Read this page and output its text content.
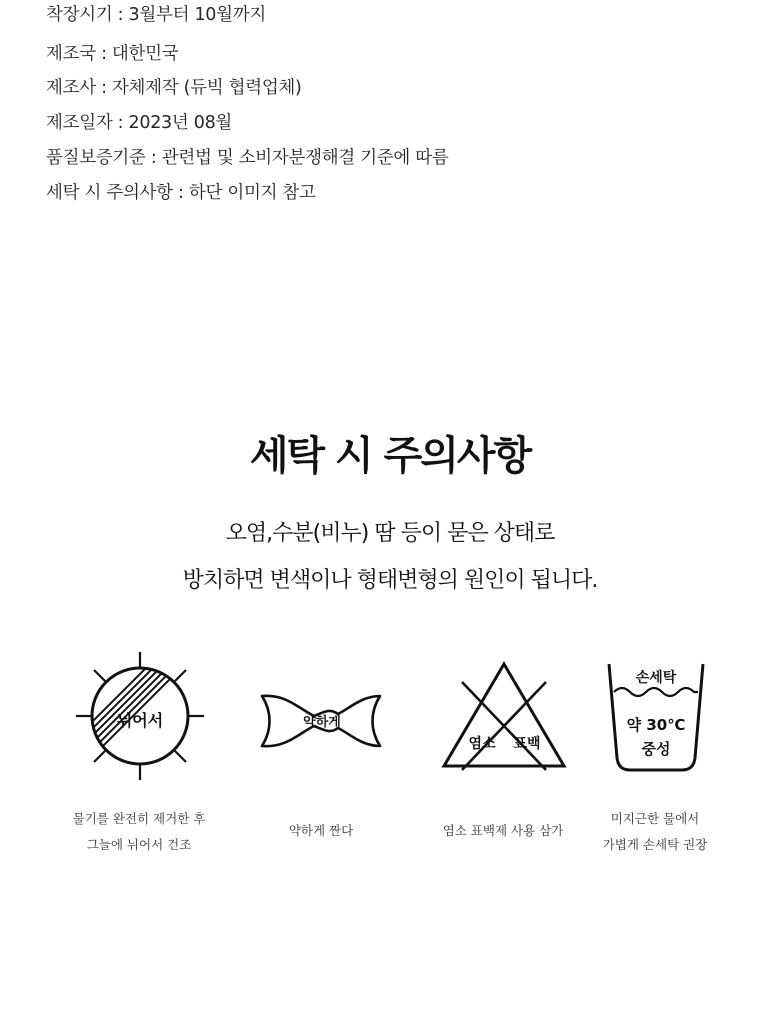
착장시기 : 3월부터 10월까지
제조국 : 대한민국
제조사 : 자체제작 (듀빅 협력업체)
제조일자 : 2023년 08월
품질보증기준 : 관련법 및 소비자분쟁해결 기준에 따름
세탁 시 주의사항 : 하단 이미지 참고
세탁 시 주의사항
오염,수분(비누) 땀 등이 묻은 상태로
방치하면 변색이나 형태변형의 원인이 됩니다.
뉘어서	약하게
염소 표백
손세탁
약 30℃
중성
물기를 완전히 제거한 후
그늘에 뉘어서 건조
약하게 짠다	염소 표백제 사용 삼가
미지근한 물에서
가볍게 손세탁 권장
